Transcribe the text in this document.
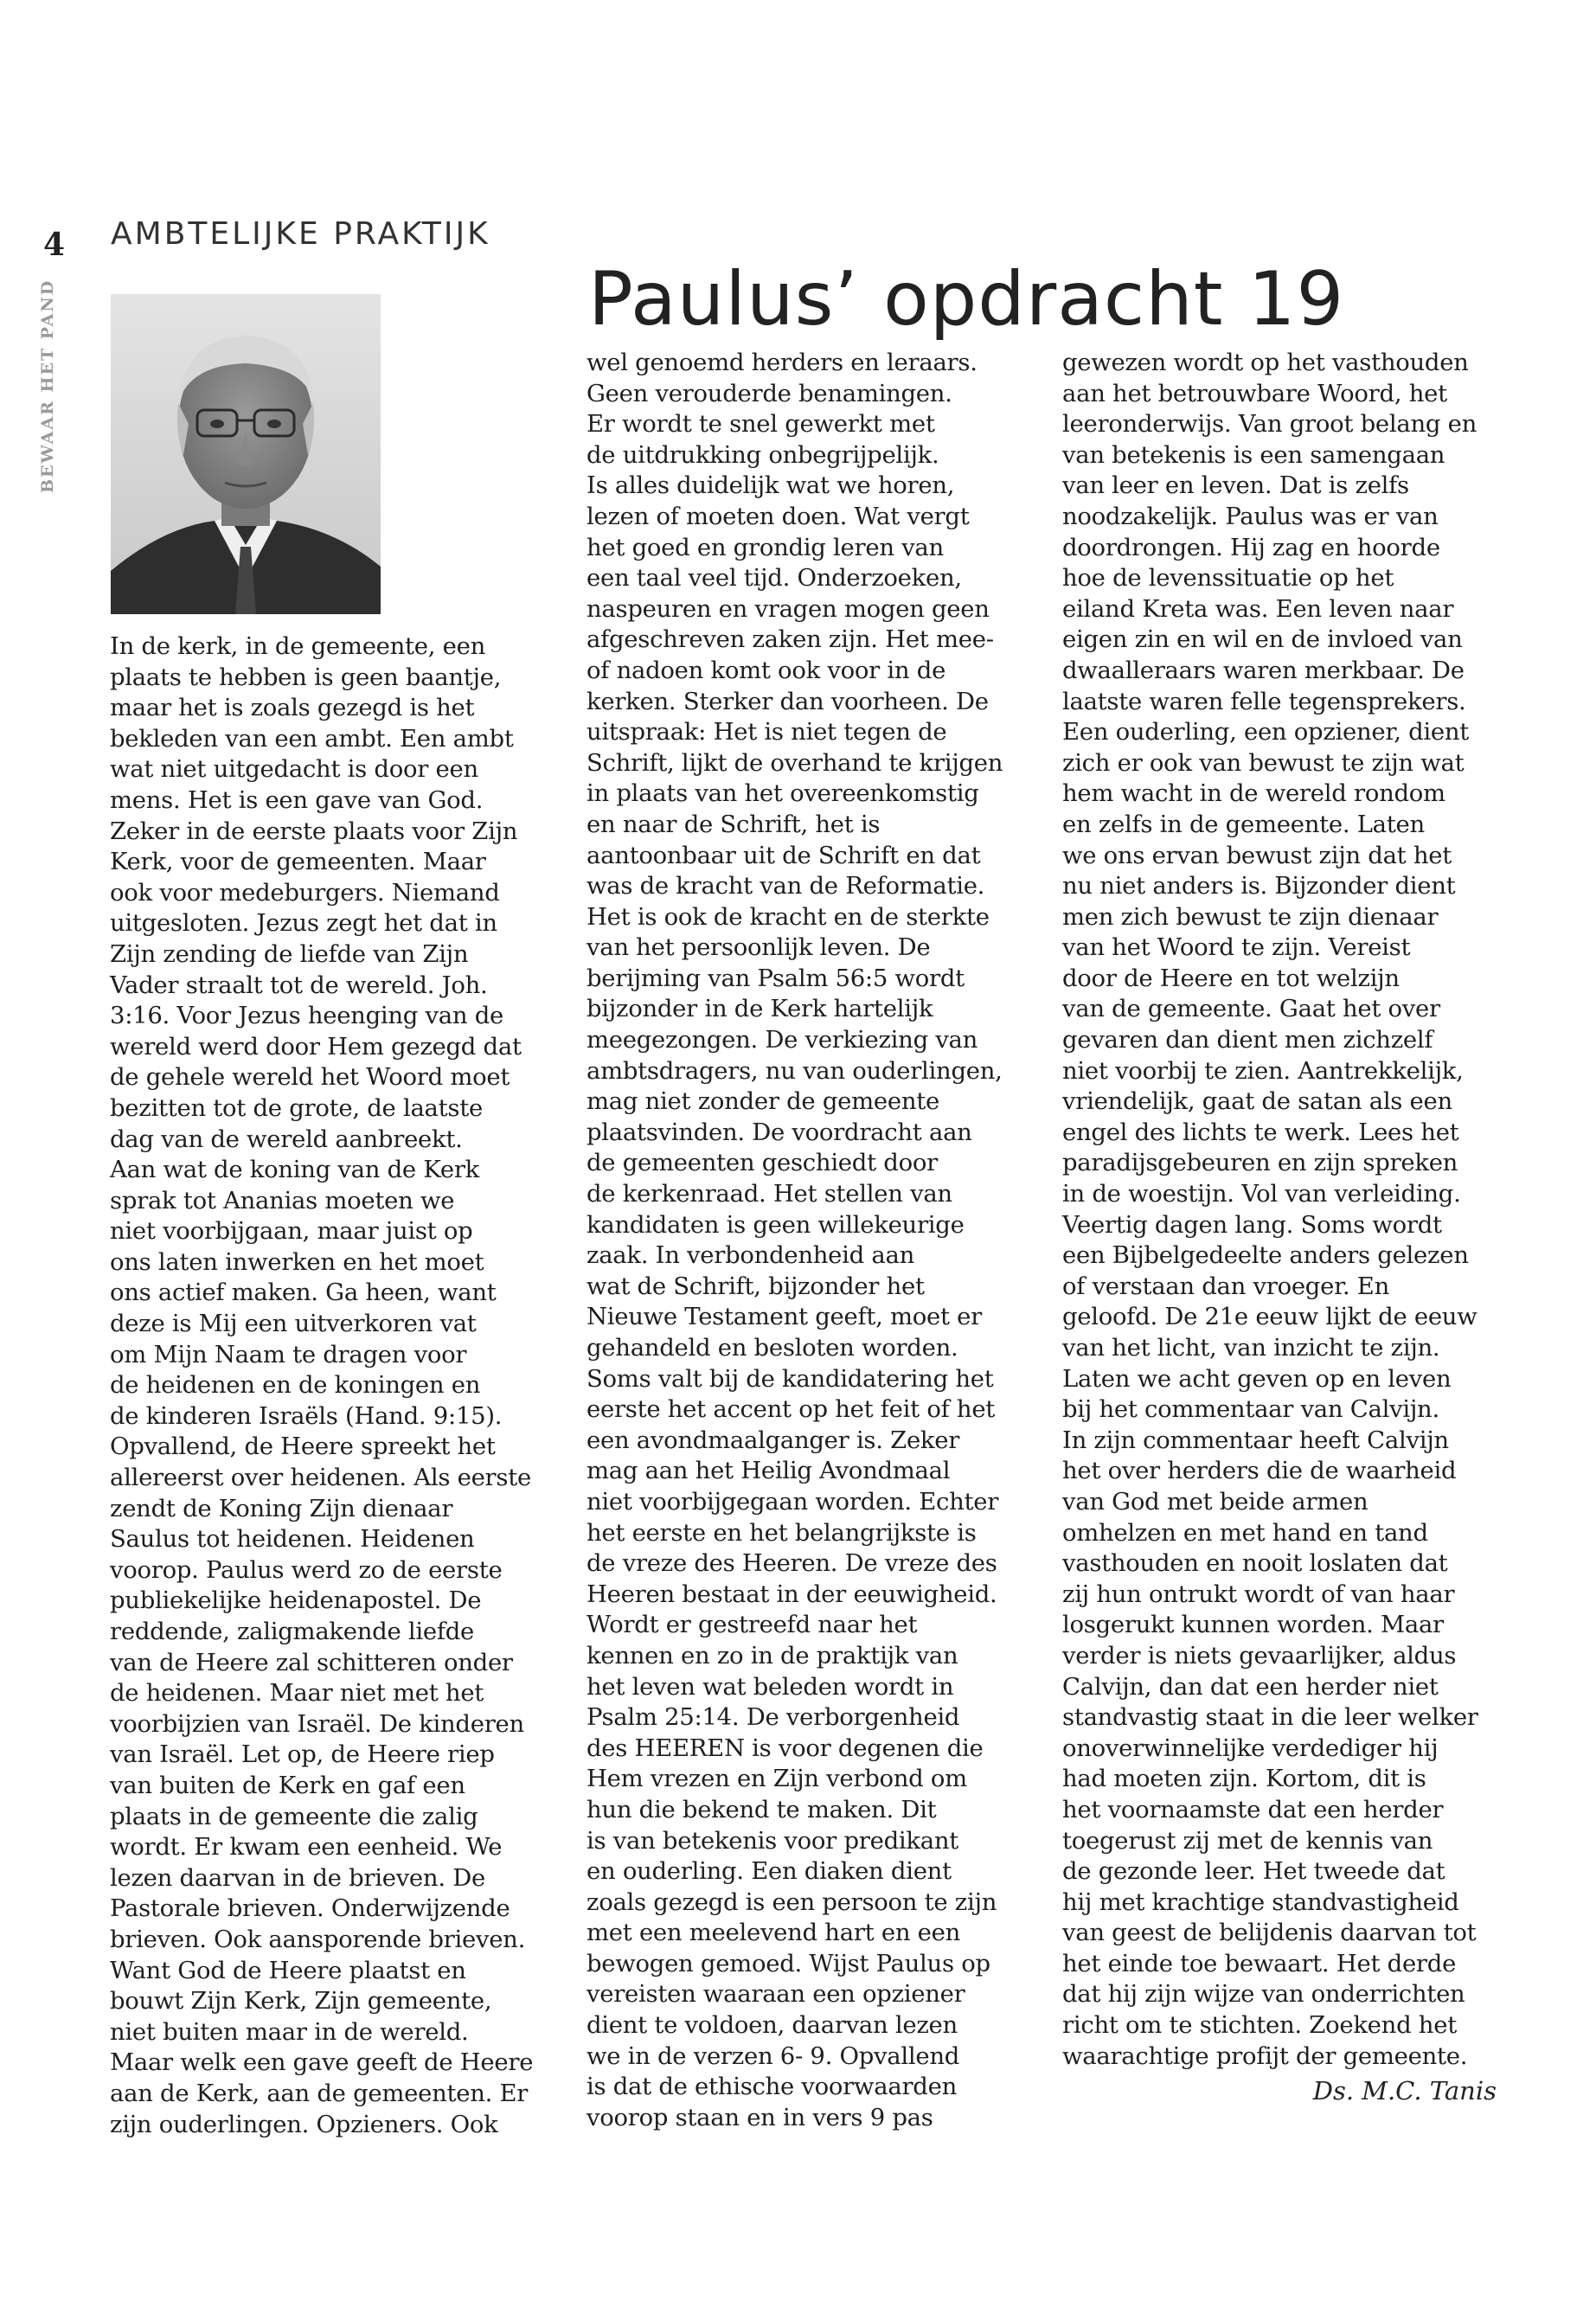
4
BEWAAR HET PAND
AMBTELIJKE PRAKTIJK
Paulus’ opdracht 19
In de kerk, in de gemeente, een
plaats te hebben is geen baantje,
maar het is zoals gezegd is het
bekleden van een ambt. Een ambt
wat niet uitgedacht is door een
mens. Het is een gave van God.
Zeker in de eerste plaats voor Zijn
Kerk, voor de gemeenten. Maar
ook voor medeburgers. Niemand
uitgesloten. Jezus zegt het dat in
Zijn zending de liefde van Zijn
Vader straalt tot de wereld. Joh.
3:16. Voor Jezus heenging van de
wereld werd door Hem gezegd dat
de gehele wereld het Woord moet
bezitten tot de grote, de laatste
dag van de wereld aanbreekt.
Aan wat de koning van de Kerk
sprak tot Ananias moeten we
niet voorbijgaan, maar juist op
ons laten inwerken en het moet
ons actief maken. Ga heen, want
deze is Mij een uitverkoren vat
om Mijn Naam te dragen voor
de heidenen en de koningen en
de kinderen Israëls (Hand. 9:15).
Opvallend, de Heere spreekt het
allereerst over heidenen. Als eerste
zendt de Koning Zijn dienaar
Saulus tot heidenen. Heidenen
voorop. Paulus werd zo de eerste
publiekelijke heidenapostel. De
reddende, zaligmakende liefde
van de Heere zal schitteren onder
de heidenen. Maar niet met het
voorbijzien van Israël. De kinderen
van Israël. Let op, de Heere riep
van buiten de Kerk en gaf een
plaats in de gemeente die zalig
wordt. Er kwam een eenheid. We
lezen daarvan in de brieven. De
Pastorale brieven. Onderwijzende
brieven. Ook aansporende brieven.
Want God de Heere plaatst en
bouwt Zijn Kerk, Zijn gemeente,
niet buiten maar in de wereld.
Maar welk een gave geeft de Heere
aan de Kerk, aan de gemeenten. Er
zijn ouderlingen. Opzieners. Ook
wel genoemd herders en leraars.
Geen verouderde benamingen.
Er wordt te snel gewerkt met
de uitdrukking onbegrijpelijk.
Is alles duidelijk wat we horen,
lezen of moeten doen. Wat vergt
het goed en grondig leren van
een taal veel tijd. Onderzoeken,
naspeuren en vragen mogen geen
afgeschreven zaken zijn. Het mee-
of nadoen komt ook voor in de
kerken. Sterker dan voorheen. De
uitspraak: Het is niet tegen de
Schrift, lijkt de overhand te krijgen
in plaats van het overeenkomstig
en naar de Schrift, het is
aantoonbaar uit de Schrift en dat
was de kracht van de Reformatie.
Het is ook de kracht en de sterkte
van het persoonlijk leven. De
berijming van Psalm 56:5 wordt
bijzonder in de Kerk hartelijk
meegezongen. De verkiezing van
ambtsdragers, nu van ouderlingen,
mag niet zonder de gemeente
plaatsvinden. De voordracht aan
de gemeenten geschiedt door
de kerkenraad. Het stellen van
kandidaten is geen willekeurige
zaak. In verbondenheid aan
wat de Schrift, bijzonder het
Nieuwe Testament geeft, moet er
gehandeld en besloten worden.
Soms valt bij de kandidatering het
eerste het accent op het feit of het
een avondmaalganger is. Zeker
mag aan het Heilig Avondmaal
niet voorbijgegaan worden. Echter
het eerste en het belangrijkste is
de vreze des Heeren. De vreze des
Heeren bestaat in der eeuwigheid.
Wordt er gestreefd naar het
kennen en zo in de praktijk van
het leven wat beleden wordt in
Psalm 25:14. De verborgenheid
des HEEREN is voor degenen die
Hem vrezen en Zijn verbond om
hun die bekend te maken. Dit
is van betekenis voor predikant
en ouderling. Een diaken dient
zoals gezegd is een persoon te zijn
met een meelevend hart en een
bewogen gemoed. Wijst Paulus op
vereisten waaraan een opziener
dient te voldoen, daarvan lezen
we in de verzen 6- 9. Opvallend
is dat de ethische voorwaarden
voorop staan en in vers 9 pas
gewezen wordt op het vasthouden
aan het betrouwbare Woord, het
leeronderwijs. Van groot belang en
van betekenis is een samengaan
van leer en leven. Dat is zelfs
noodzakelijk. Paulus was er van
doordrongen. Hij zag en hoorde
hoe de levenssituatie op het
eiland Kreta was. Een leven naar
eigen zin en wil en de invloed van
dwaalleraars waren merkbaar. De
laatste waren felle tegensprekers.
Een ouderling, een opziener, dient
zich er ook van bewust te zijn wat
hem wacht in de wereld rondom
en zelfs in de gemeente. Laten
we ons ervan bewust zijn dat het
nu niet anders is. Bijzonder dient
men zich bewust te zijn dienaar
van het Woord te zijn. Vereist
door de Heere en tot welzijn
van de gemeente. Gaat het over
gevaren dan dient men zichzelf
niet voorbij te zien. Aantrekkelijk,
vriendelijk, gaat de satan als een
engel des lichts te werk. Lees het
paradijsgebeuren en zijn spreken
in de woestijn. Vol van verleiding.
Veertig dagen lang. Soms wordt
een Bijbelgedeelte anders gelezen
of verstaan dan vroeger. En
geloofd. De 21e eeuw lijkt de eeuw
van het licht, van inzicht te zijn.
Laten we acht geven op en leven
bij het commentaar van Calvijn.
In zijn commentaar heeft Calvijn
het over herders die de waarheid
van God met beide armen
omhelzen en met hand en tand
vasthouden en nooit loslaten dat
zij hun ontrukt wordt of van haar
losgerukt kunnen worden. Maar
verder is niets gevaarlijker, aldus
Calvijn, dan dat een herder niet
standvastig staat in die leer welker
onoverwinnelijke verdediger hij
had moeten zijn. Kortom, dit is
het voornaamste dat een herder
toegerust zij met de kennis van
de gezonde leer. Het tweede dat
hij met krachtige standvastigheid
van geest de belijdenis daarvan tot
het einde toe bewaart. Het derde
dat hij zijn wijze van onderrichten
richt om te stichten. Zoekend het
waarachtige profijt der gemeente.
Ds. M.C. Tanis
